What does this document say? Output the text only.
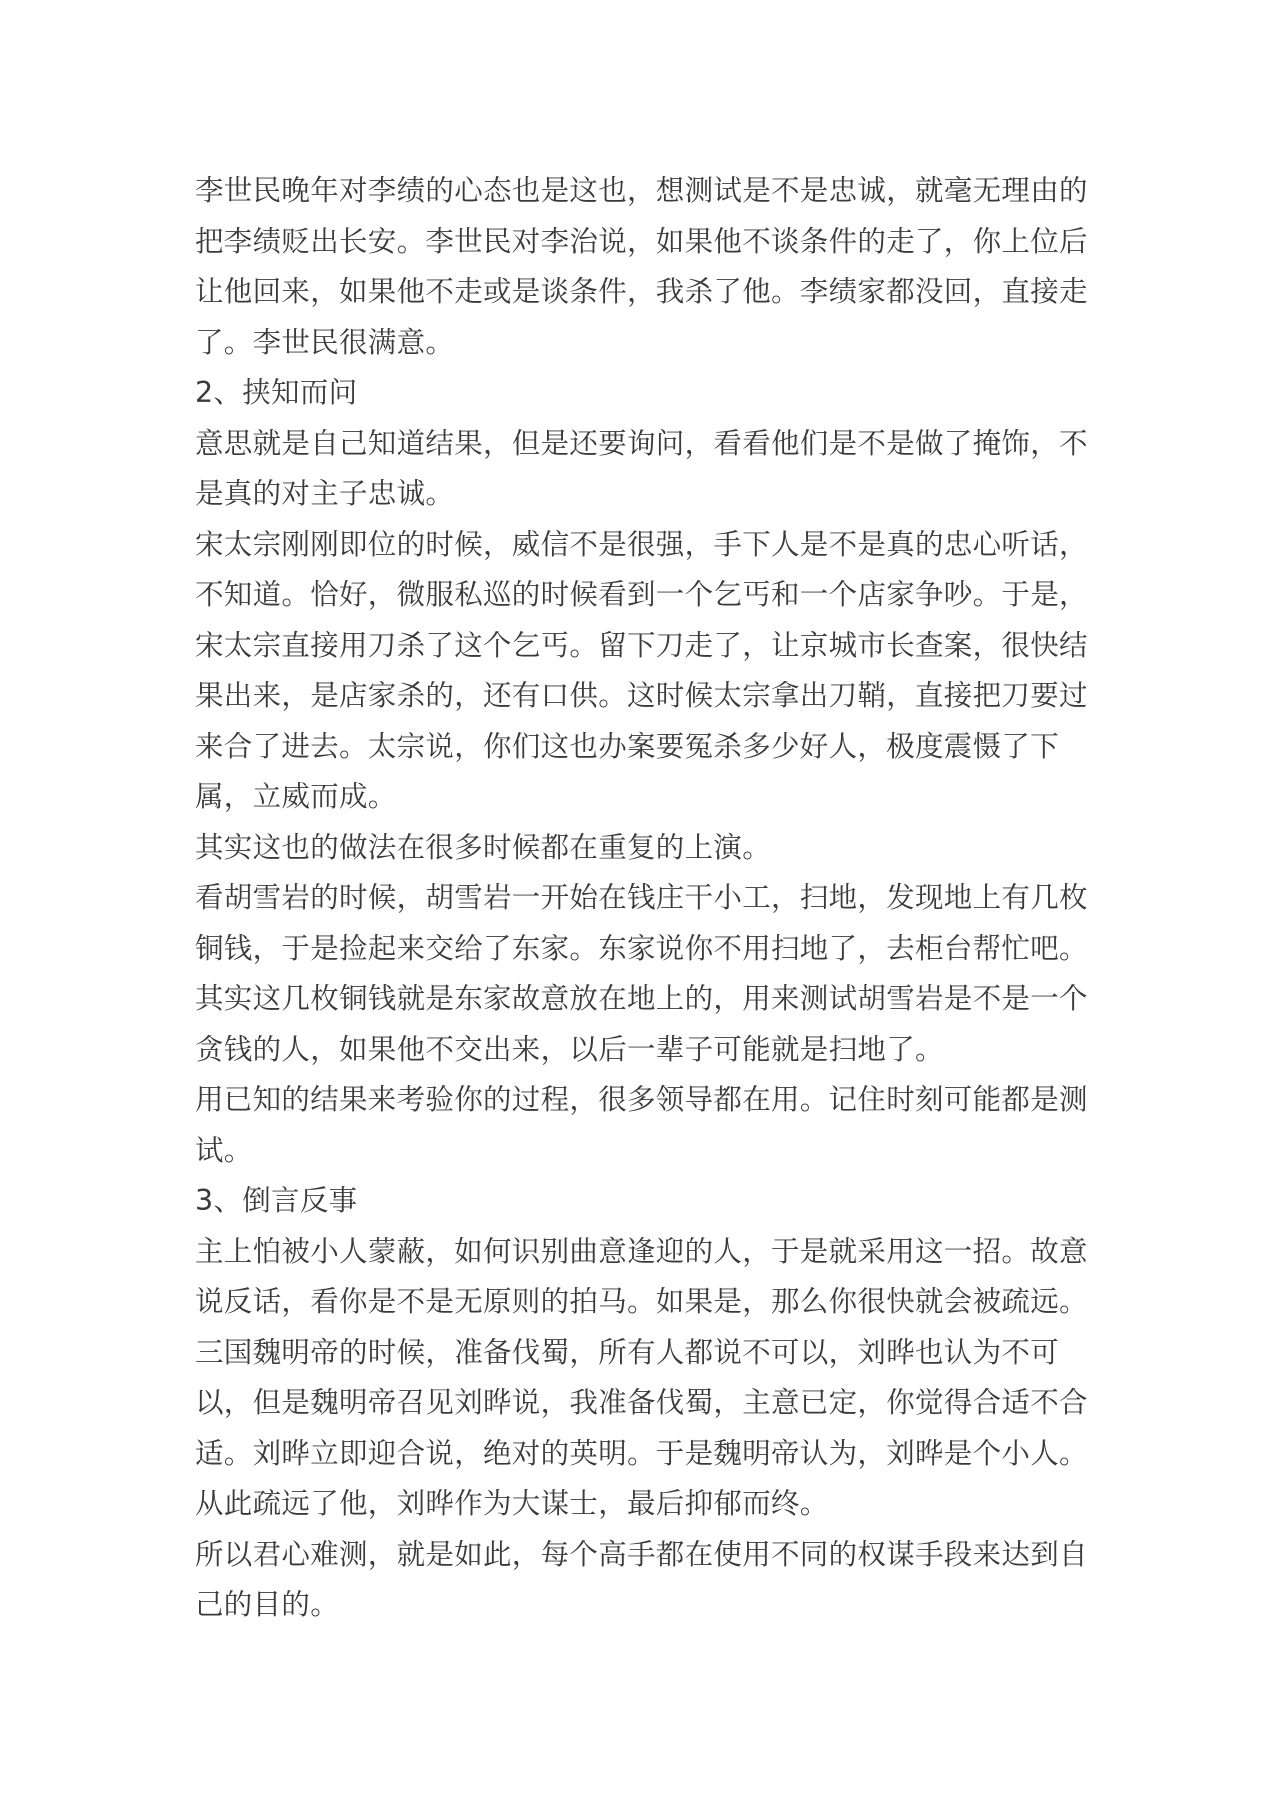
李世民晚年对李绩的心态也是这也，想测试是不是忠诚，就毫无理由的把李绩贬出长安。李世民对李治说，如果他不谈条件的走了，你上位后让他回来，如果他不走或是谈条件，我杀了他。李绩家都没回，直接走了。李世民很满意。

2、挟知而问

意思就是自己知道结果，但是还要询问，看看他们是不是做了掩饰，不是真的对主子忠诚。

宋太宗刚刚即位的时候，威信不是很强，手下人是不是真的忠心听话，不知道。恰好，微服私巡的时候看到一个乞丐和一个店家争吵。于是，宋太宗直接用刀杀了这个乞丐。留下刀走了，让京城市长查案，很快结果出来，是店家杀的，还有口供。这时候太宗拿出刀鞘，直接把刀要过来合了进去。太宗说，你们这也办案要冤杀多少好人，极度震慑了下属，立威而成。

其实这也的做法在很多时候都在重复的上演。

看胡雪岩的时候，胡雪岩一开始在钱庄干小工，扫地，发现地上有几枚铜钱，于是捡起来交给了东家。东家说你不用扫地了，去柜台帮忙吧。其实这几枚铜钱就是东家故意放在地上的，用来测试胡雪岩是不是一个贪钱的人，如果他不交出来，以后一辈子可能就是扫地了。

用已知的结果来考验你的过程，很多领导都在用。记住时刻可能都是测试。

3、倒言反事

主上怕被小人蒙蔽，如何识别曲意逢迎的人，于是就采用这一招。故意说反话，看你是不是无原则的拍马。如果是，那么你很快就会被疏远。

三国魏明帝的时候，准备伐蜀，所有人都说不可以，刘晔也认为不可以，但是魏明帝召见刘晔说，我准备伐蜀，主意已定，你觉得合适不合适。刘晔立即迎合说，绝对的英明。于是魏明帝认为，刘晔是个小人。从此疏远了他，刘晔作为大谋士，最后抑郁而终。

所以君心难测，就是如此，每个高手都在使用不同的权谋手段来达到自己的目的。
